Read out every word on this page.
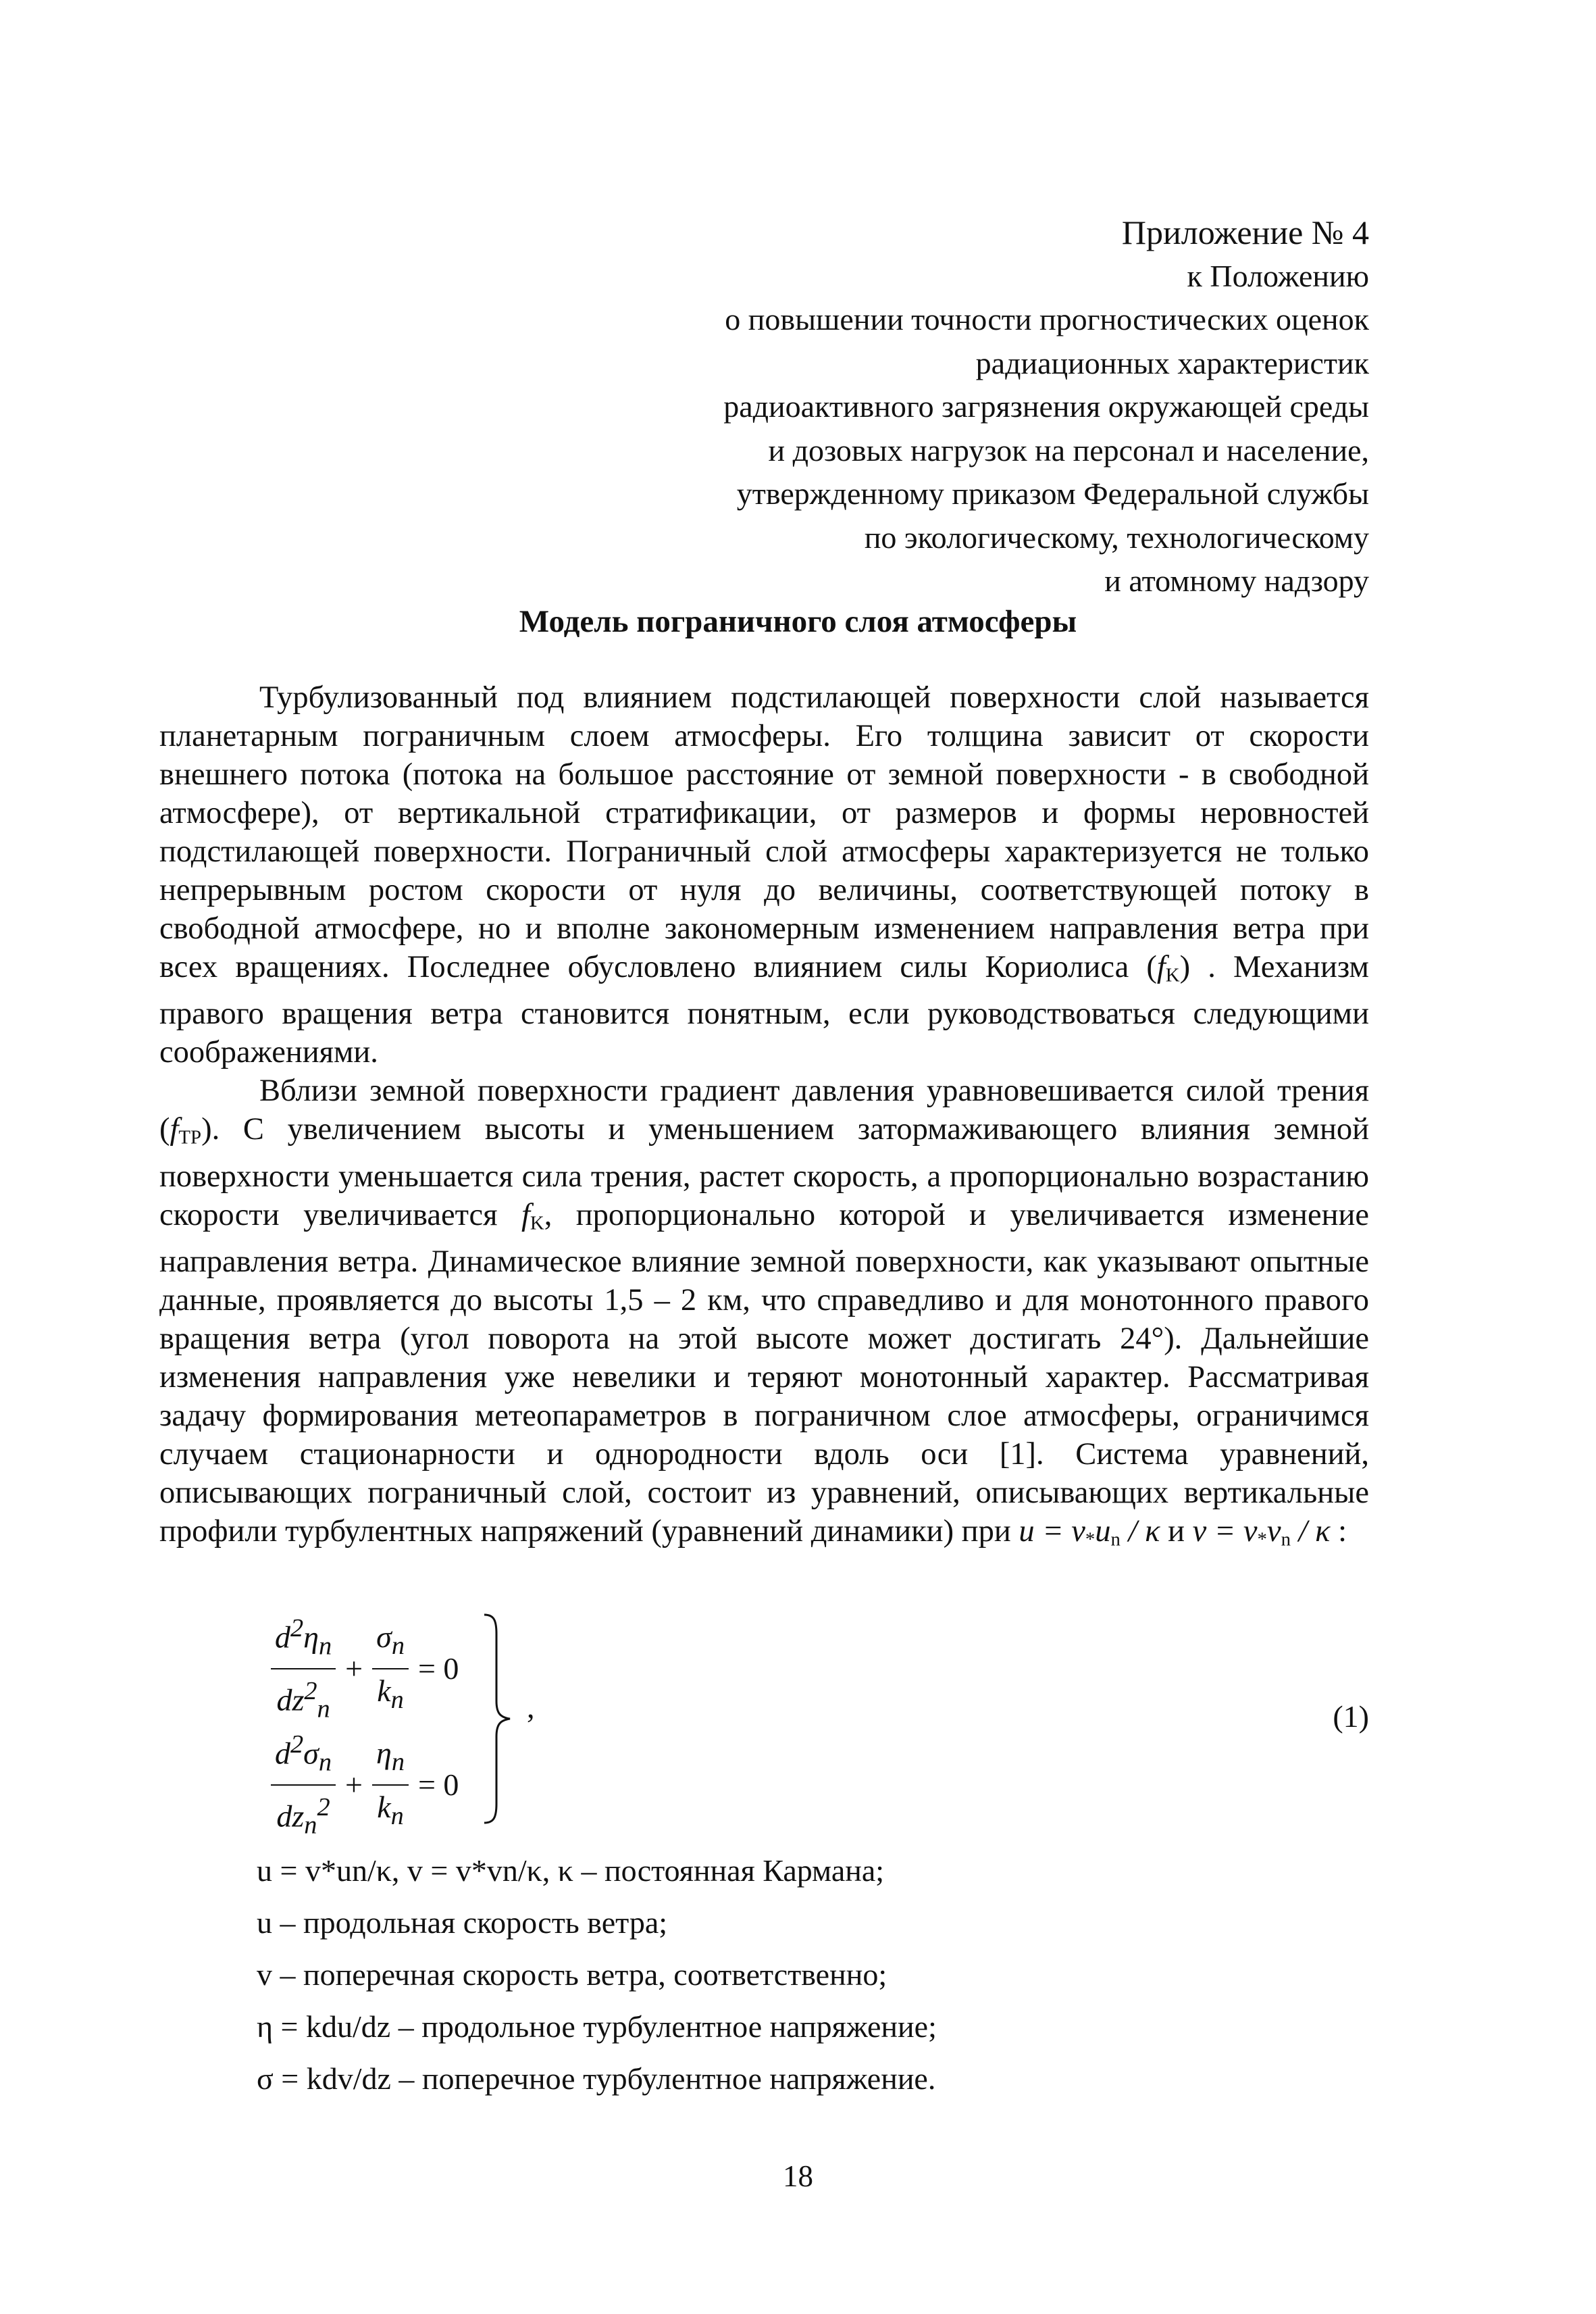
Приложение № 4
к Положению
о повышении точности прогностических оценок
радиационных характеристик
радиоактивного загрязнения окружающей среды
и дозовых нагрузок на персонал и население,
утвержденному приказом Федеральной службы
по экологическому, технологическому
и атомному надзору
Модель пограничного слоя атмосферы

Турбулизованный под влиянием подстилающей поверхности слой называется планетарным пограничным слоем атмосферы. Его толщина зависит от скорости внешнего потока (потока на большое расстояние от земной поверхности - в свободной атмосфере), от вертикальной стратификации, от размеров и формы неровностей подстилающей поверхности. Пограничный слой атмосферы характеризуется не только непрерывным ростом скорости от нуля до величины, соответствующей потоку в свободной атмосфере, но и вполне закономерным изменением направления ветра при всех вращениях. Последнее обусловлено влиянием силы Кориолиса $(f_K)$ . Механизм правого вращения ветра становится понятным, если руководствоваться следующими соображениями.

Вблизи земной поверхности градиент давления уравновешивается силой трения $(f_{ТР})$. С увеличением высоты и уменьшением затормаживающего влияния земной поверхности уменьшается сила трения, растет скорость, а пропорционально возрастанию скорости увеличивается $f_K$, пропорционально которой и увеличивается изменение направления ветра. Динамическое влияние земной поверхности, как указывают опытные данные, проявляется до высоты 1,5 – 2 км, что справедливо и для монотонного правого вращения ветра (угол поворота на этой высоте может достигать 24°). Дальнейшие изменения направления уже невелики и теряют монотонный характер. Рассматривая задачу формирования метеопараметров в пограничном слое атмосферы, ограничимся случаем стационарности и однородности вдоль оси [1]. Система уравнений, описывающих пограничный слой, состоит из уравнений, описывающих вертикальные профили турбулентных напряжений (уравнений динамики) при $u = v_*u_n / \kappa$ и $v = v_*v_n / \kappa$ :

$\frac{d^2\eta_n}{dz^2_n} + \frac{\sigma_n}{k_n} = 0$
$\frac{d^2\sigma_n}{dz_n^2} + \frac{\eta_n}{k_n} = 0$
,	(1)
u = v*un/κ, v = v*vn/κ, κ – постоянная Кармана;
u – продольная скорость ветра;
v – поперечная скорость ветра, соответственно;
η = kdu/dz – продольное турбулентное напряжение;
σ = kdv/dz – поперечное турбулентное напряжение.
18
